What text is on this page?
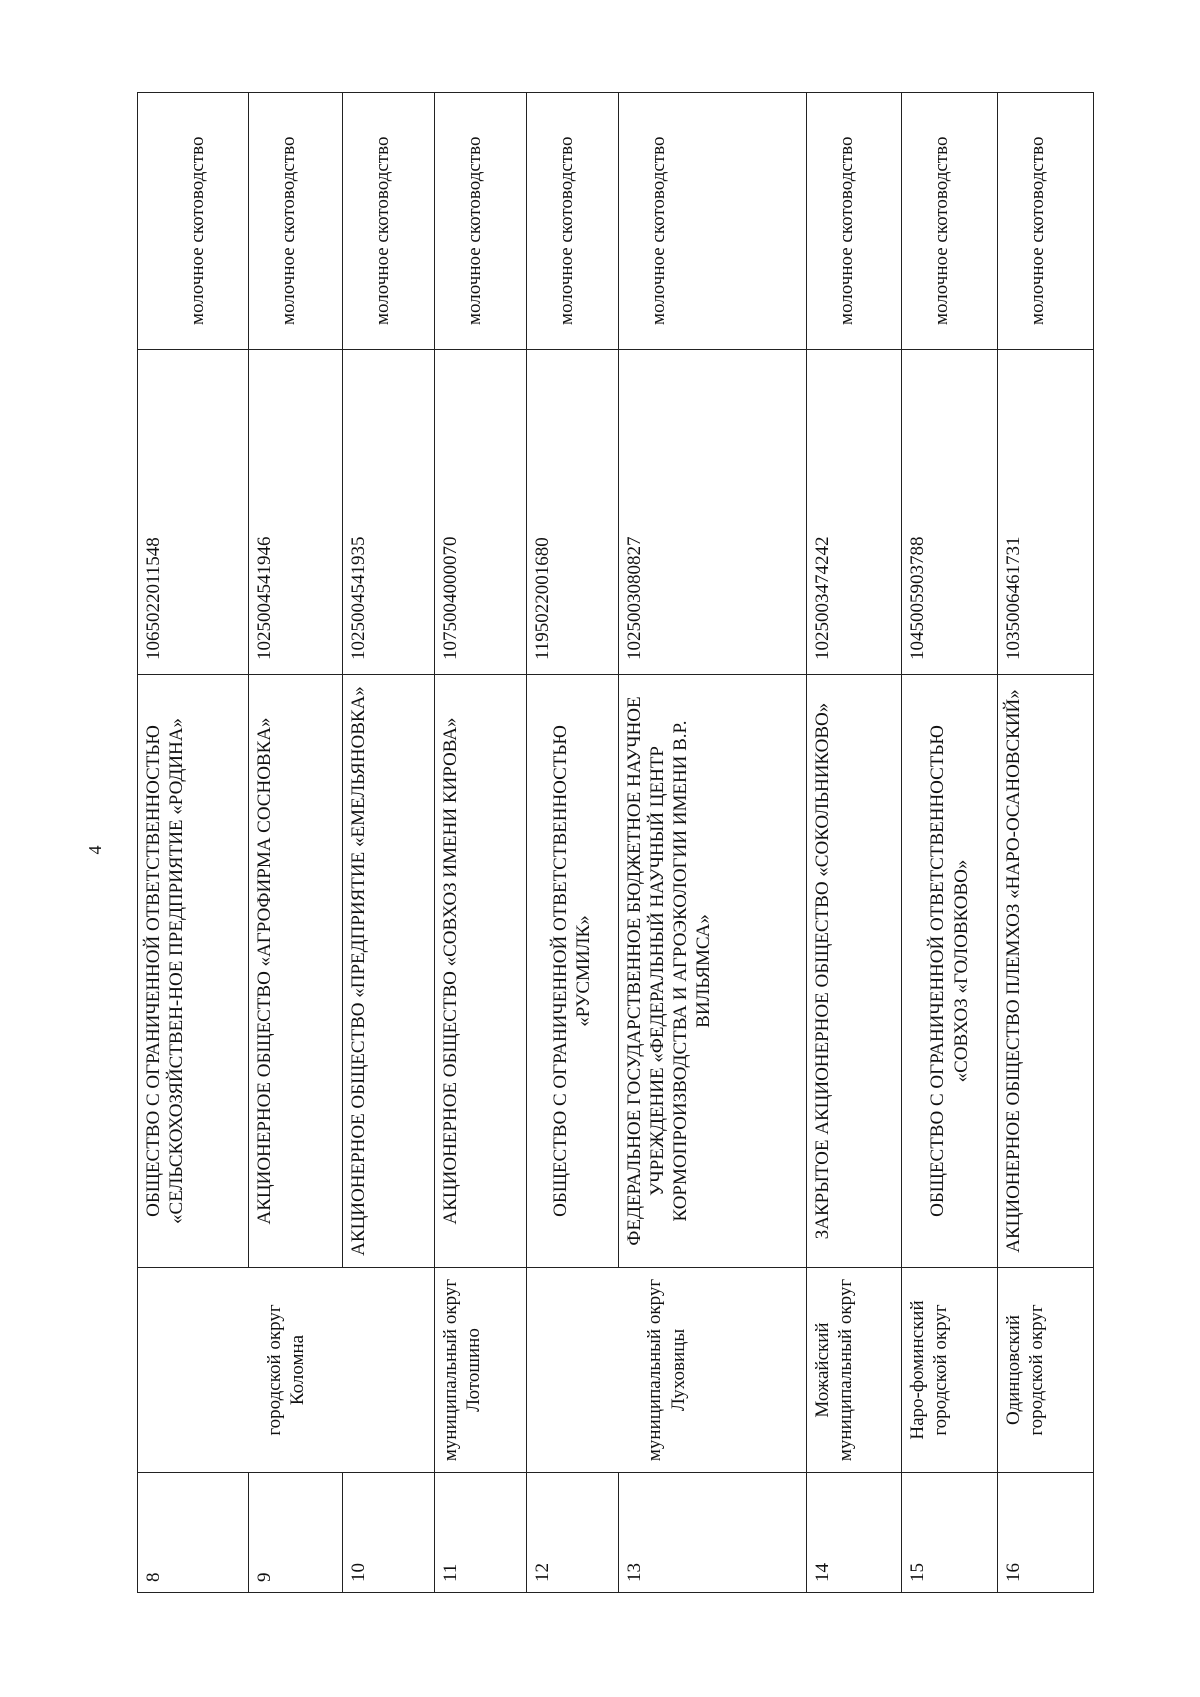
4
8	городской округ Коломна	ОБЩЕСТВО С ОГРАНИЧЕННОЙ ОТВЕТСТВЕННОСТЬЮ «СЕЛЬСКОХОЗЯЙСТВЕН-НОЕ ПРЕДПРИЯТИЕ «РОДИНА»	1065022011548	молочное скотоводство
9		АКЦИОНЕРНОЕ ОБЩЕСТВО «АГРОФИРМА СОСНОВКА»	1025004541946	молочное скотоводство
10		АКЦИОНЕРНОЕ ОБЩЕСТВО «ПРЕДПРИЯТИЕ «ЕМЕЛЬЯНОВКА»	1025004541935	молочное скотоводство
11	муниципальный округ Лотошино	АКЦИОНЕРНОЕ ОБЩЕСТВО «СОВХОЗ ИМЕНИ КИРОВА»	1075004000070	молочное скотоводство
12	муниципальный округ Луховицы	ОБЩЕСТВО С ОГРАНИЧЕННОЙ ОТВЕТСТВЕННОСТЬЮ «РУСМИЛК»	1195022001680	молочное скотоводство
13		ФЕДЕРАЛЬНОЕ ГОСУДАРСТВЕННОЕ БЮДЖЕТНОЕ НАУЧНОЕ УЧРЕЖДЕНИЕ «ФЕДЕРАЛЬНЫЙ НАУЧНЫЙ ЦЕНТР КОРМОПРОИЗВОДСТВА И АГРОЭКОЛОГИИ ИМЕНИ В.Р. ВИЛЬЯМСА»	1025003080827	молочное скотоводство
14	Можайский муниципальный округ	ЗАКРЫТОЕ АКЦИОНЕРНОЕ ОБЩЕСТВО «СОКОЛЬНИКОВО»	1025003474242	молочное скотоводство
15	Наро-фоминский городской округ	ОБЩЕСТВО С ОГРАНИЧЕННОЙ ОТВЕТСТВЕННОСТЬЮ «СОВХОЗ «ГОЛОВКОВО»	1045005903788	молочное скотоводство
16	Одинцовский городской округ	АКЦИОНЕРНОЕ ОБЩЕСТВО ПЛЕМХОЗ «НАРО-ОСАНОВСКИЙ»	1035006461731	молочное скотоводство
